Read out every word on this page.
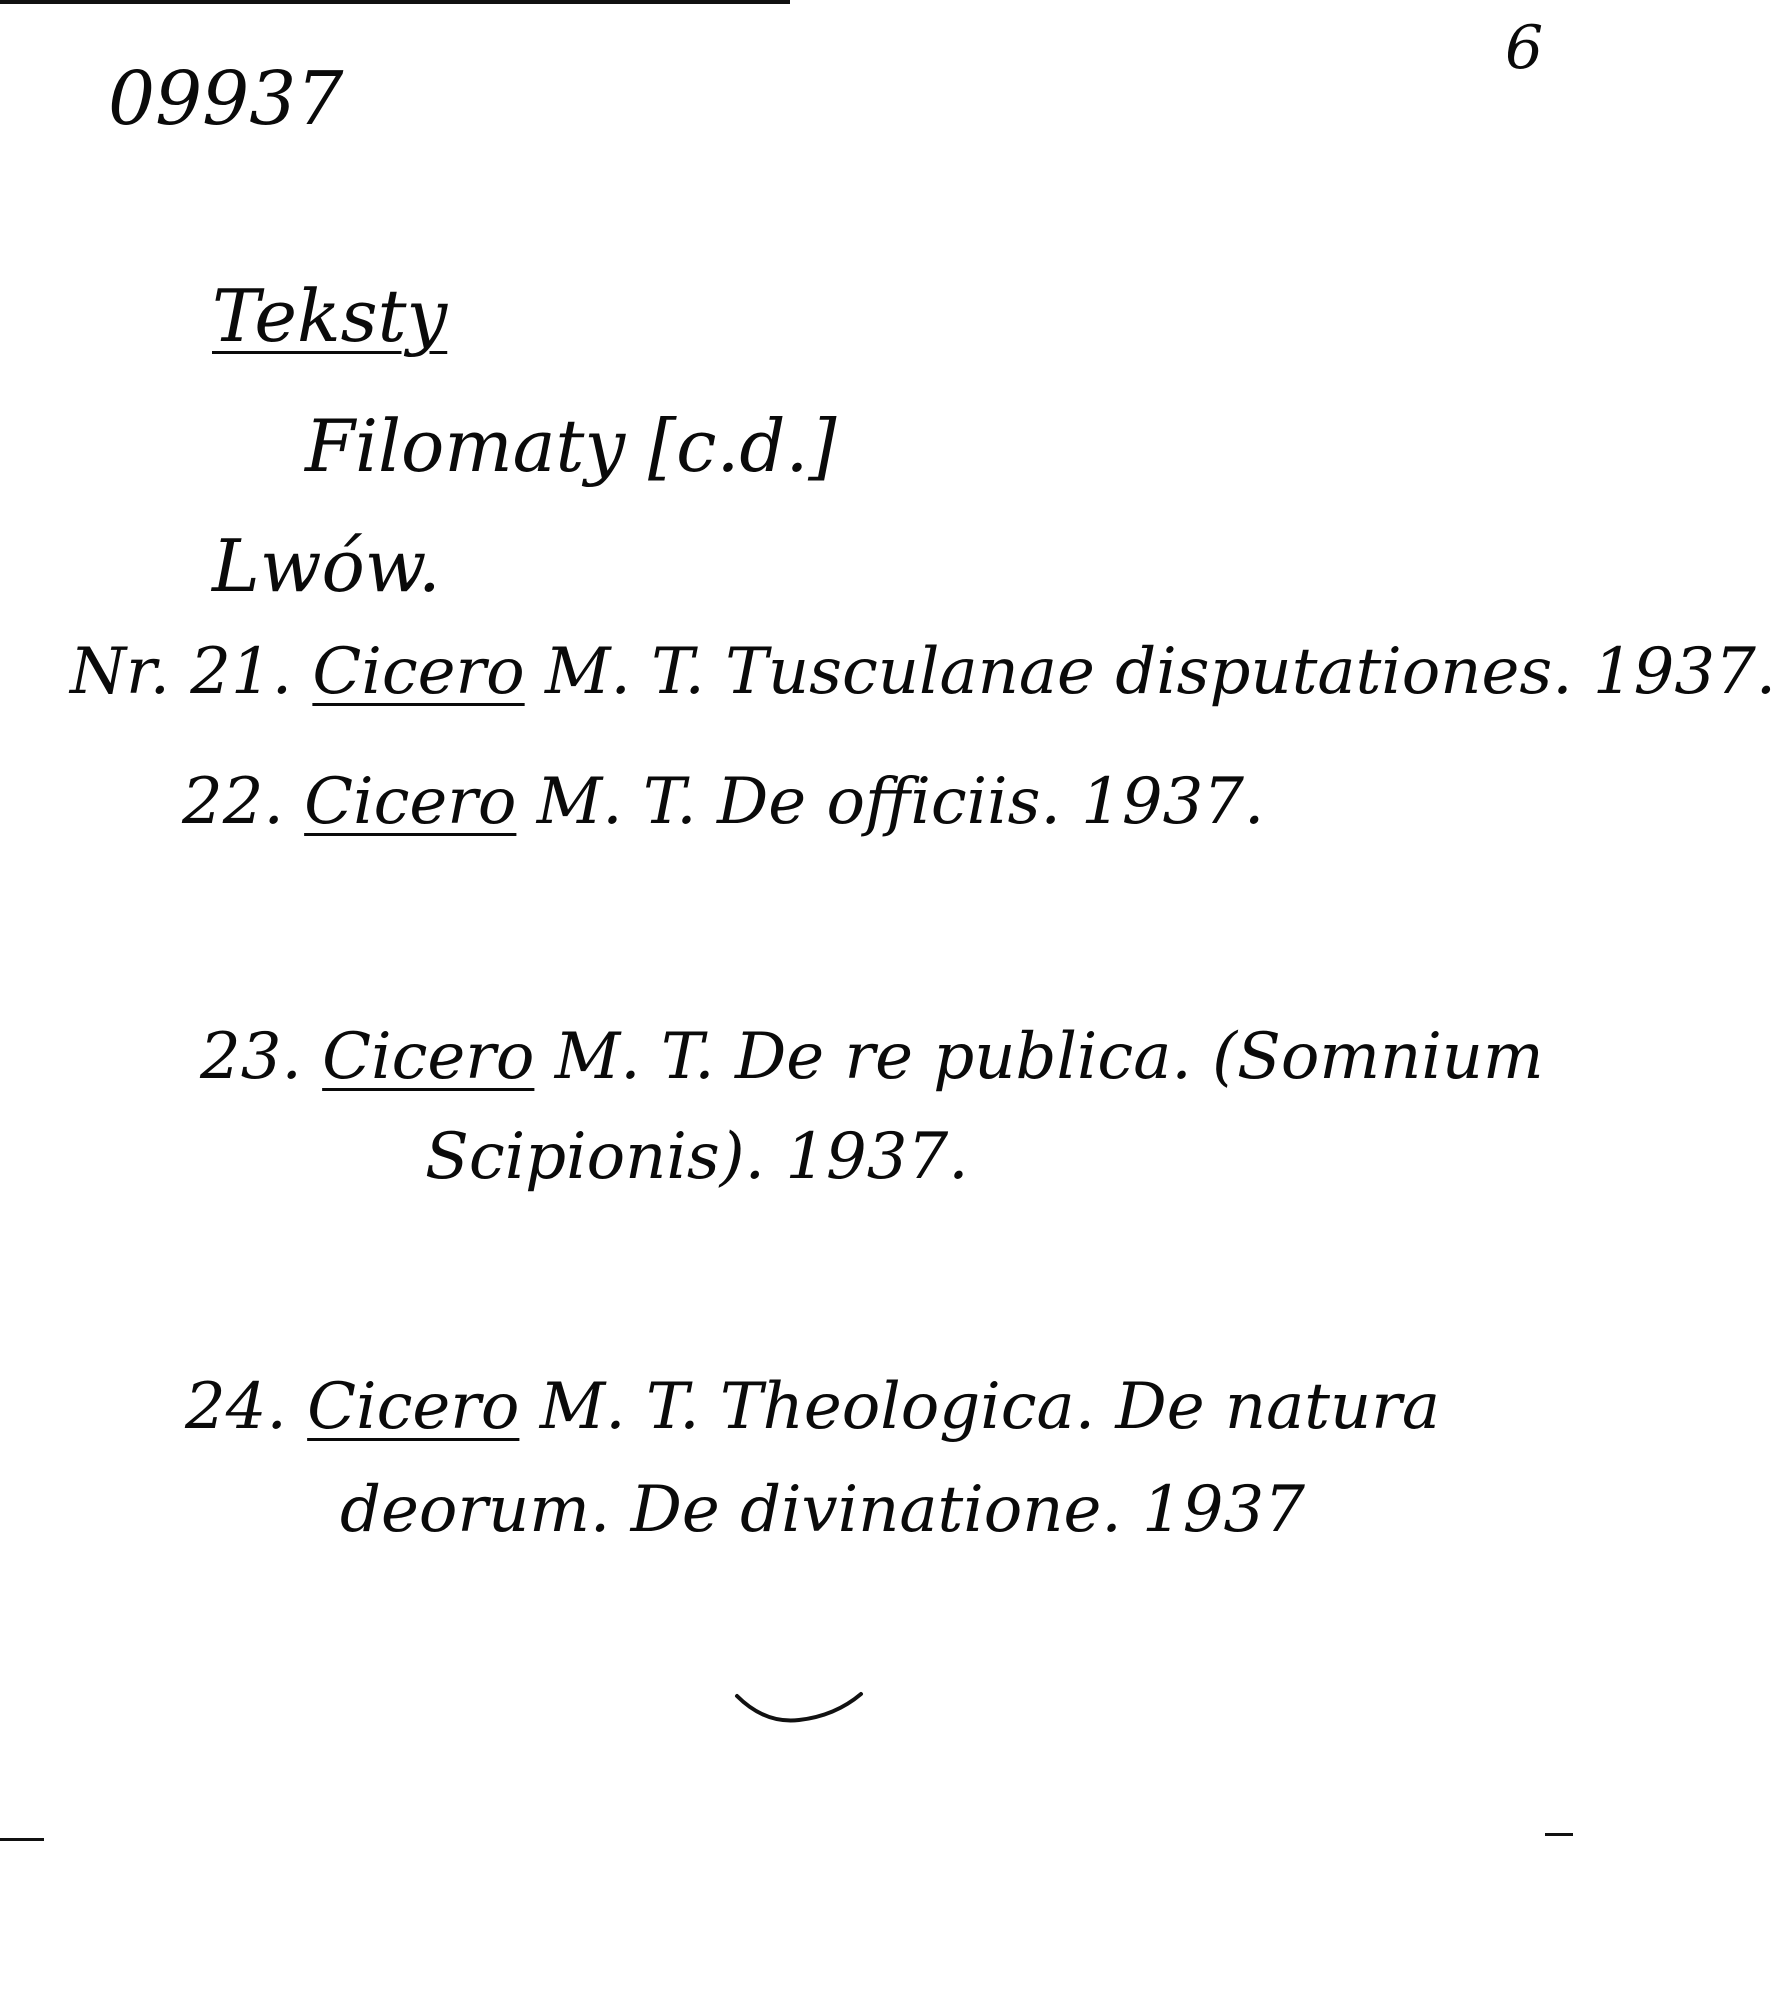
09937
6
Teksty
Filomaty [c.d.]
Lwów.
Nr. 21. Cicero M. T. Tusculanae disputationes. 1937.
22. Cicero M. T. De officiis. 1937.
23. Cicero M. T. De re publica. (Somnium
Scipionis). 1937.
24. Cicero M. T. Theologica. De natura
deorum. De divinatione. 1937
